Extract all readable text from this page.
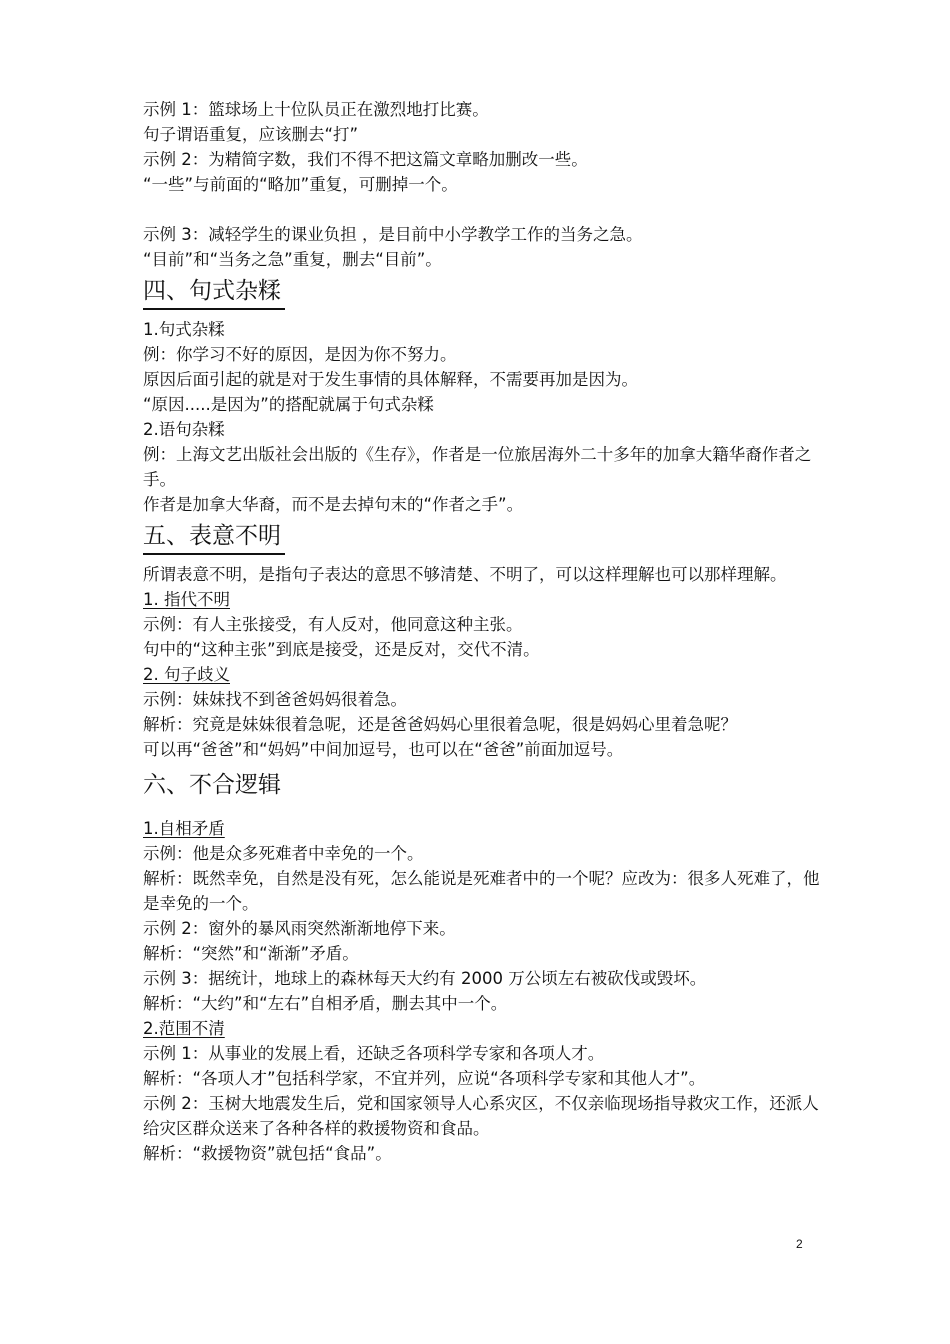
示例 1：篮球场上十位队员正在激烈地打比赛。
句子谓语重复，应该删去“打”
示例 2：为精简字数，我们不得不把这篇文章略加删改一些。
“一些”与前面的“略加”重复，可删掉一个。
示例 3：减轻学生的课业负担 ，是目前中小学教学工作的当务之急。
“目前”和“当务之急”重复，删去“目前”。
四、句式杂糅
1.句式杂糅
例：你学习不好的原因，是因为你不努力。
原因后面引起的就是对于发生事情的具体解释，不需要再加是因为。
“原因.....是因为”的搭配就属于句式杂糅
2.语句杂糅
例：上海文艺出版社会出版的《生存》，作者是一位旅居海外二十多年的加拿大籍华裔作者之手。
作者是加拿大华裔，而不是去掉句末的“作者之手”。
五、表意不明
所谓表意不明，是指句子表达的意思不够清楚、不明了，可以这样理解也可以那样理解。
1. 指代不明
示例：有人主张接受，有人反对，他同意这种主张。
句中的“这种主张”到底是接受，还是反对，交代不清。
2. 句子歧义
示例：妹妹找不到爸爸妈妈很着急。
解析：究竟是妹妹很着急呢，还是爸爸妈妈心里很着急呢，很是妈妈心里着急呢？
可以再“爸爸”和“妈妈”中间加逗号，也可以在“爸爸”前面加逗号。
六、不合逻辑
1.自相矛盾
示例：他是众多死难者中幸免的一个。
解析：既然幸免，自然是没有死，怎么能说是死难者中的一个呢？应改为：很多人死难了，他是幸免的一个。
示例 2：窗外的暴风雨突然渐渐地停下来。
解析：“突然”和“渐渐”矛盾。
示例 3：据统计，地球上的森林每天大约有 2000 万公顷左右被砍伐或毁坏。
解析：“大约”和“左右”自相矛盾，删去其中一个。
2.范围不清
示例 1：从事业的发展上看，还缺乏各项科学专家和各项人才。
解析：“各项人才”包括科学家，不宜并列，应说“各项科学专家和其他人才”。
示例 2：玉树大地震发生后，党和国家领导人心系灾区，不仅亲临现场指导救灾工作，还派人给灾区群众送来了各种各样的救援物资和食品。
解析：“救援物资”就包括“食品”。
2
